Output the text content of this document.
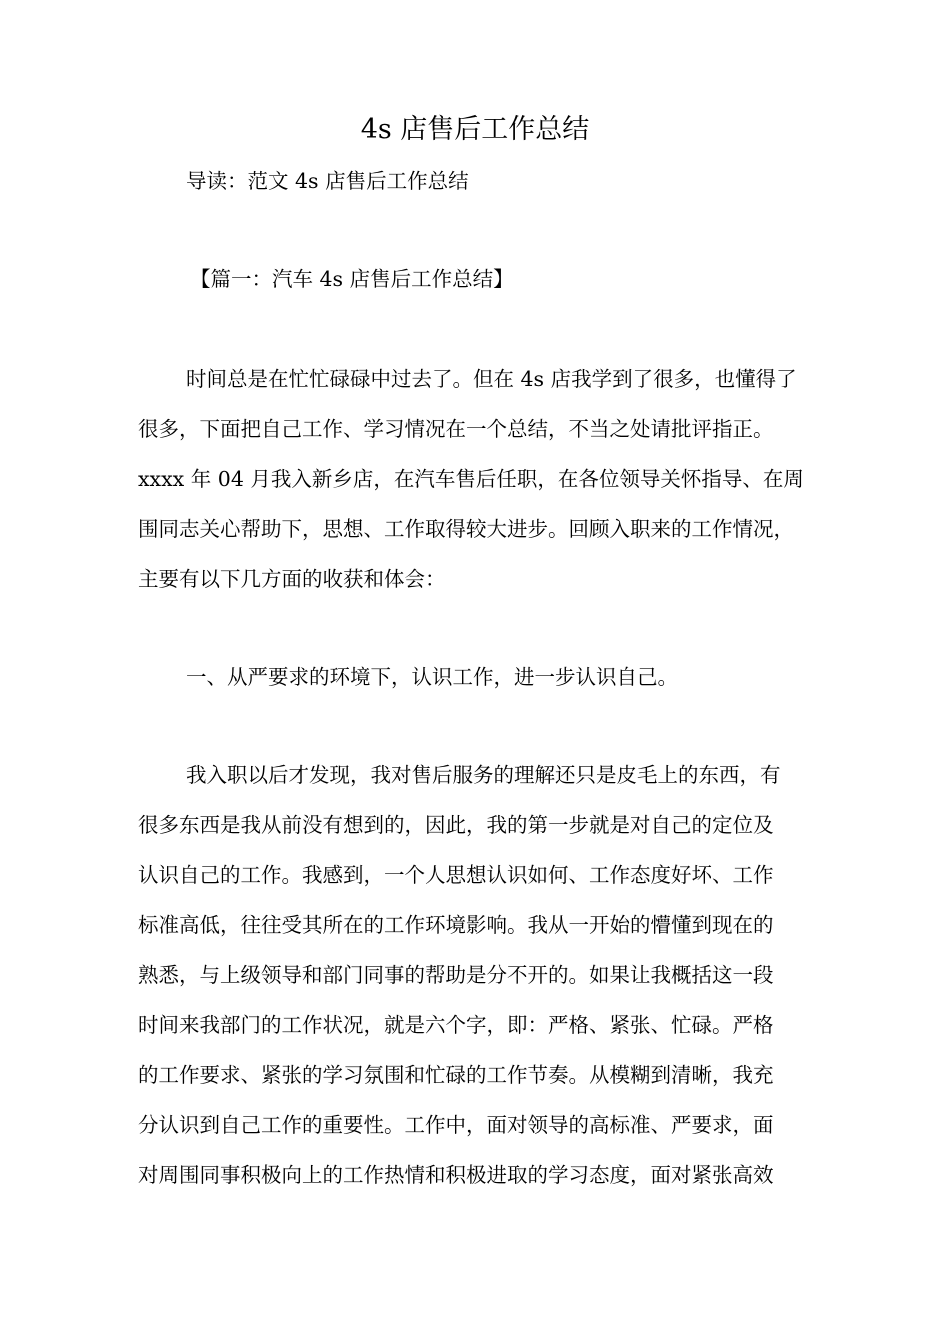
4s 店售后工作总结
导读：范文 4s 店售后工作总结
【篇一：汽车 4s 店售后工作总结】
时间总是在忙忙碌碌中过去了。但在 4s 店我学到了很多，也懂得了
很多，下面把自己工作、学习情况在一个总结，不当之处请批评指正。
xxxx 年 04 月我入新乡店，在汽车售后任职，在各位领导关怀指导、在周
围同志关心帮助下，思想、工作取得较大进步。回顾入职来的工作情况，
主要有以下几方面的收获和体会：
一、从严要求的环境下，认识工作，进一步认识自己。
我入职以后才发现，我对售后服务的理解还只是皮毛上的东西，有
很多东西是我从前没有想到的，因此，我的第一步就是对自己的定位及
认识自己的工作。我感到，一个人思想认识如何、工作态度好坏、工作
标准高低，往往受其所在的工作环境影响。我从一开始的懵懂到现在的
熟悉，与上级领导和部门同事的帮助是分不开的。如果让我概括这一段
时间来我部门的工作状况，就是六个字，即：严格、紧张、忙碌。严格
的工作要求、紧张的学习氛围和忙碌的工作节奏。从模糊到清晰，我充
分认识到自己工作的重要性。工作中，面对领导的高标准、严要求，面
对周围同事积极向上的工作热情和积极进取的学习态度，面对紧张高效
